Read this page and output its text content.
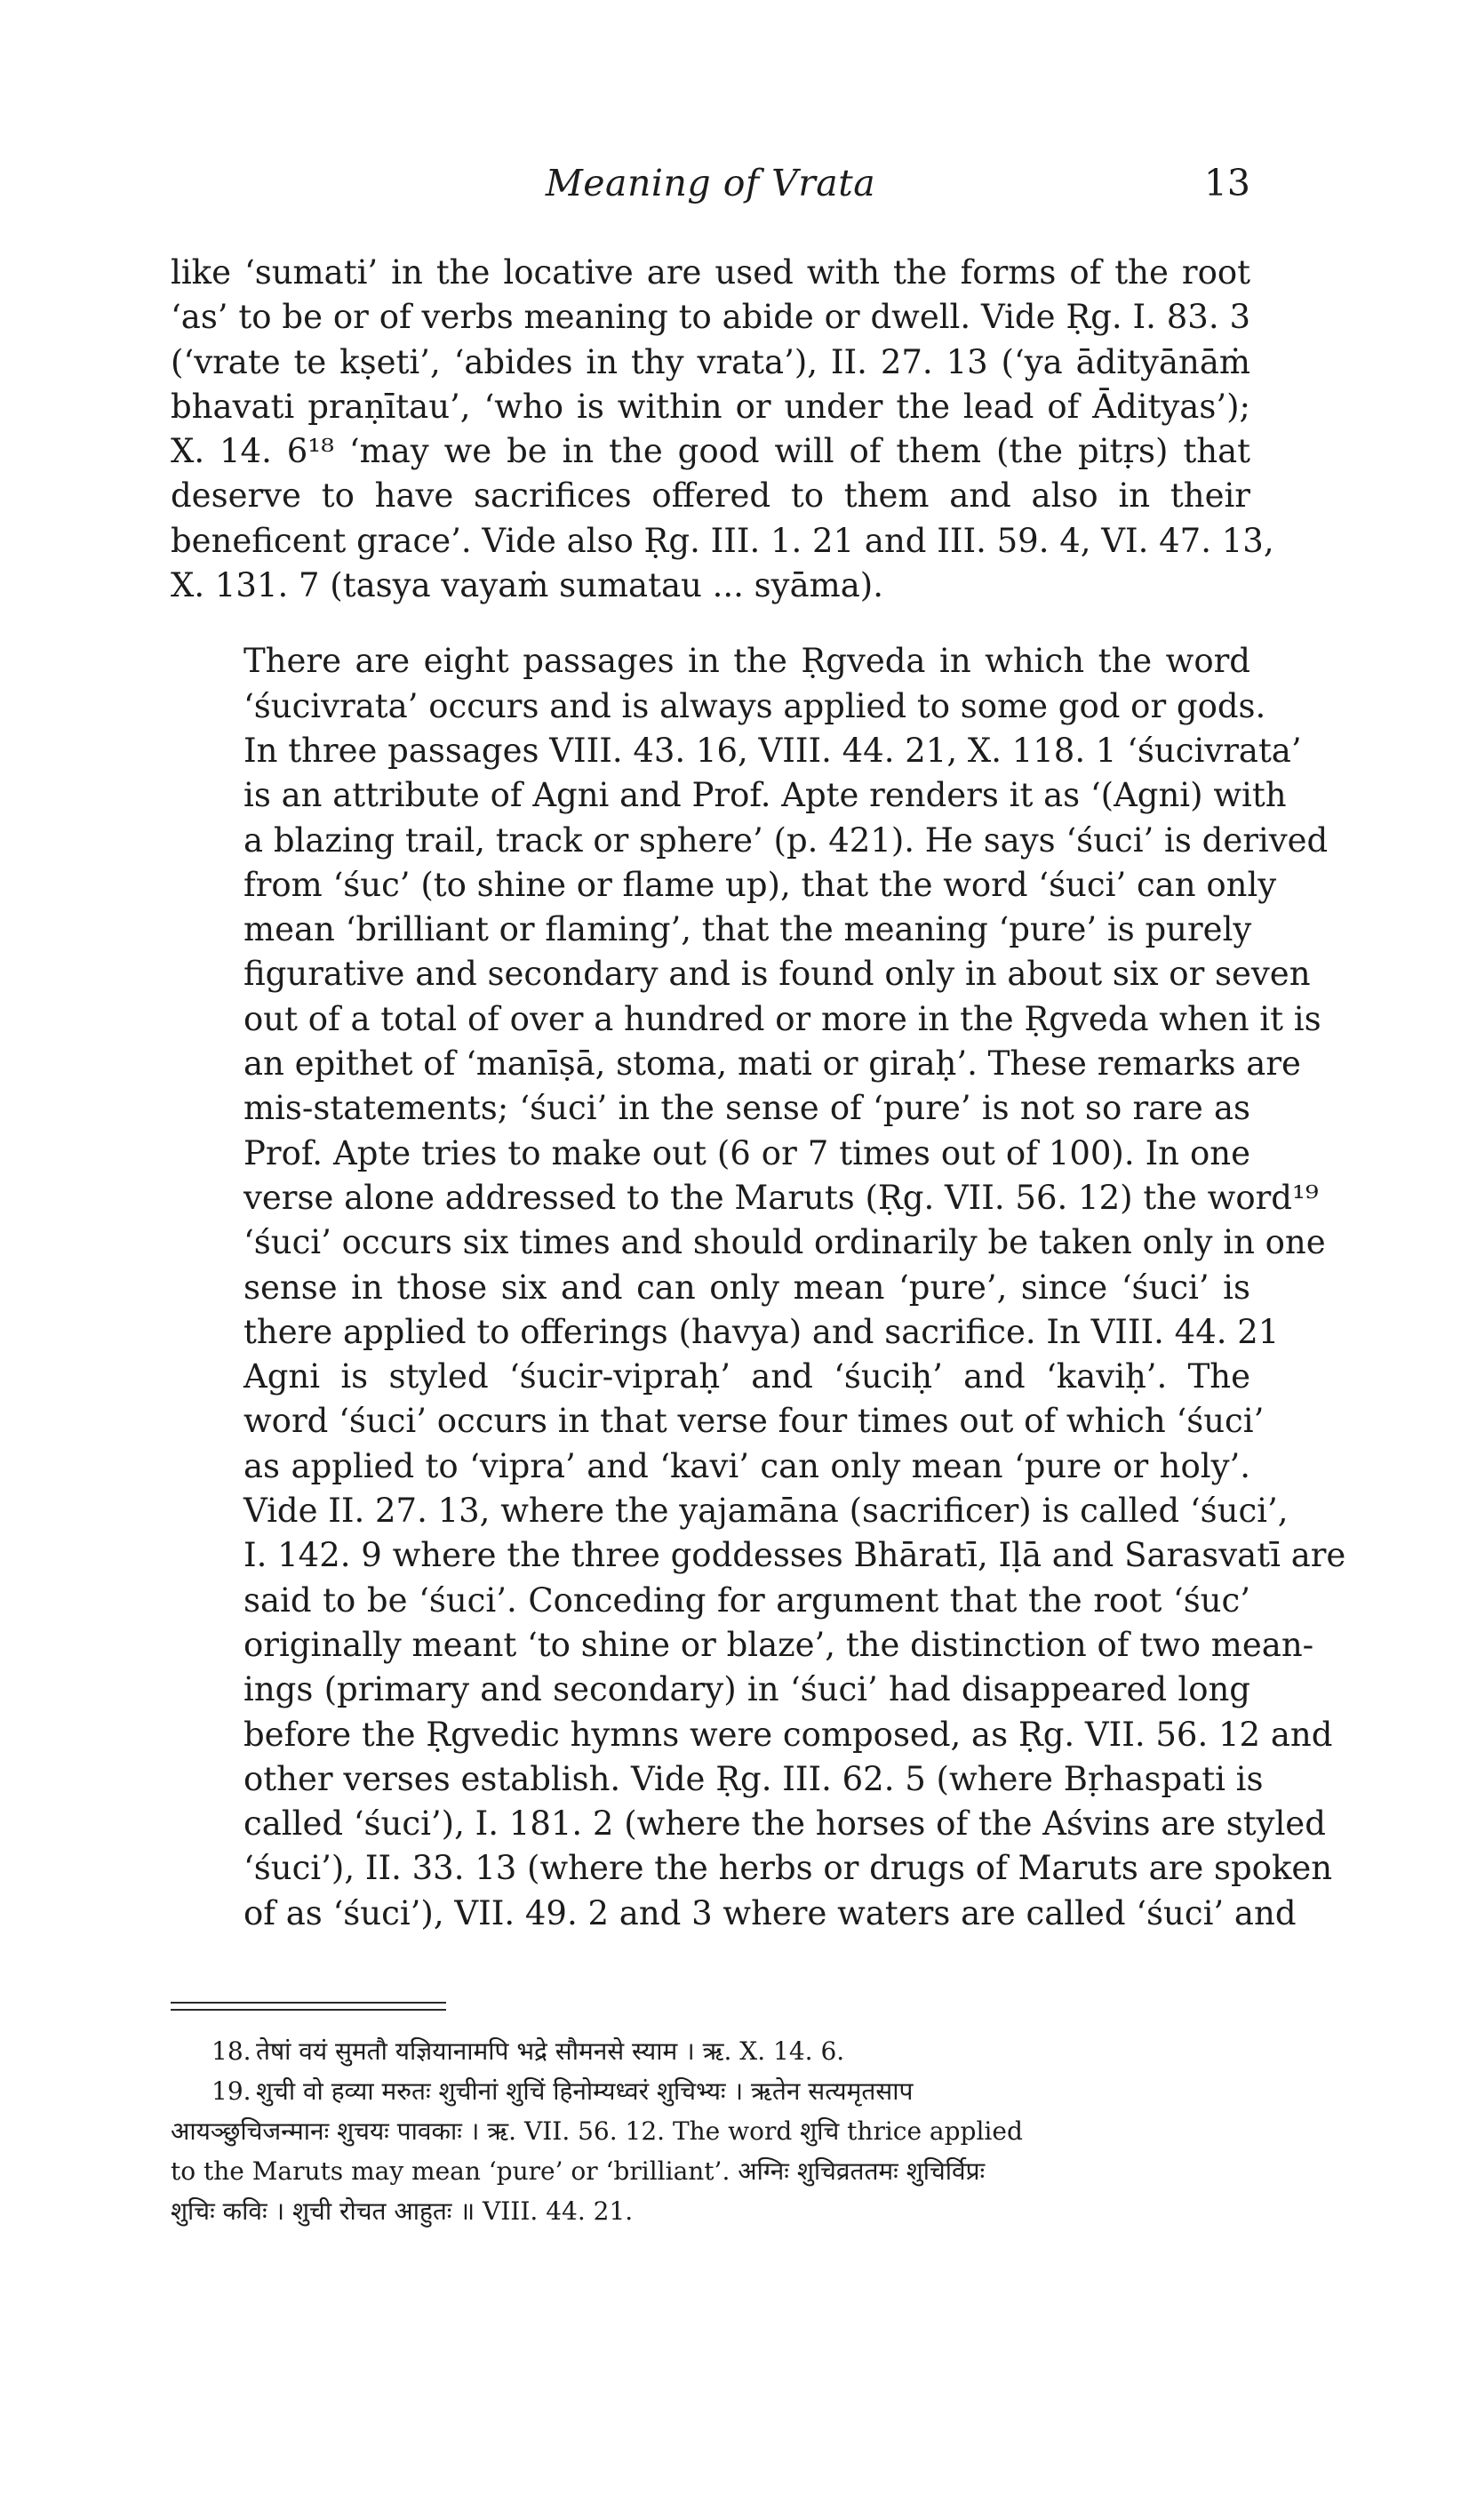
Meaning of Vrata	13

like ‘sumati’ in the locative are used with the forms of the root
‘as’ to be or of verbs meaning to abide or dwell. Vide Ṛg. I. 83. 3
(‘vrate te kṣeti’, ‘abides in thy vrata’), II. 27. 13 (‘ya ādityānāṁ
bhavati praṇītau’, ‘who is within or under the lead of Ādityas’);
X. 14. 6¹⁸ ‘may we be in the good will of them (the pitṛs) that
deserve to have sacrifices offered to them and also in their
beneficent grace’. Vide also Ṛg. III. 1. 21 and III. 59. 4, VI. 47. 13,
X. 131. 7 (tasya vayaṁ sumatau ... syāma).

There are eight passages in the Ṛgveda in which the word
‘śucivrata’ occurs and is always applied to some god or gods.
In three passages VIII. 43. 16, VIII. 44. 21, X. 118. 1 ‘śucivrata’
is an attribute of Agni and Prof. Apte renders it as ‘(Agni) with
a blazing trail, track or sphere’ (p. 421). He says ‘śuci’ is derived
from ‘śuc’ (to shine or flame up), that the word ‘śuci’ can only
mean ‘brilliant or flaming’, that the meaning ‘pure’ is purely
figurative and secondary and is found only in about six or seven
out of a total of over a hundred or more in the Ṛgveda when it is
an epithet of ‘manīṣā, stoma, mati or giraḥ’. These remarks are
mis-statements; ‘śuci’ in the sense of ‘pure’ is not so rare as
Prof. Apte tries to make out (6 or 7 times out of 100). In one
verse alone addressed to the Maruts (Ṛg. VII. 56. 12) the word¹⁹
‘śuci’ occurs six times and should ordinarily be taken only in one
sense in those six and can only mean ‘pure’, since ‘śuci’ is
there applied to offerings (havya) and sacrifice. In VIII. 44. 21
Agni is styled ‘śucir-vipraḥ’ and ‘śuciḥ’ and ‘kaviḥ’. The
word ‘śuci’ occurs in that verse four times out of which ‘śuci’
as applied to ‘vipra’ and ‘kavi’ can only mean ‘pure or holy’.
Vide II. 27. 13, where the yajamāna (sacrificer) is called ‘śuci’,
I. 142. 9 where the three goddesses Bhāratī, Iḷā and Sarasvatī are
said to be ‘śuci’. Conceding for argument that the root ‘śuc’
originally meant ‘to shine or blaze’, the distinction of two mean-
ings (primary and secondary) in ‘śuci’ had disappeared long
before the Ṛgvedic hymns were composed, as Ṛg. VII. 56. 12 and
other verses establish. Vide Ṛg. III. 62. 5 (where Bṛhaspati is
called ‘śuci’), I. 181. 2 (where the horses of the Aśvins are styled
‘śuci’), II. 33. 13 (where the herbs or drugs of Maruts are spoken
of as ‘śuci’), VII. 49. 2 and 3 where waters are called ‘śuci’ and

18. तेषां वयं सुमतौ यज्ञियानामपि भद्रे सौमनसे स्याम । ऋ. X. 14. 6.
19. शुची वो हव्या मरुतः शुचीनां शुचिं हिनोम्यध्वरं शुचिभ्यः । ऋतेन सत्यमृतसाप
आयञ्छुचिजन्मानः शुचयः पावकाः । ऋ. VII. 56. 12. The word शुचि thrice applied
to the Maruts may mean ‘pure’ or ‘brilliant’. अग्निः शुचिव्रततमः शुचिर्विप्रः
शुचिः कविः । शुची रोचत आहुतः ॥ VIII. 44. 21.
